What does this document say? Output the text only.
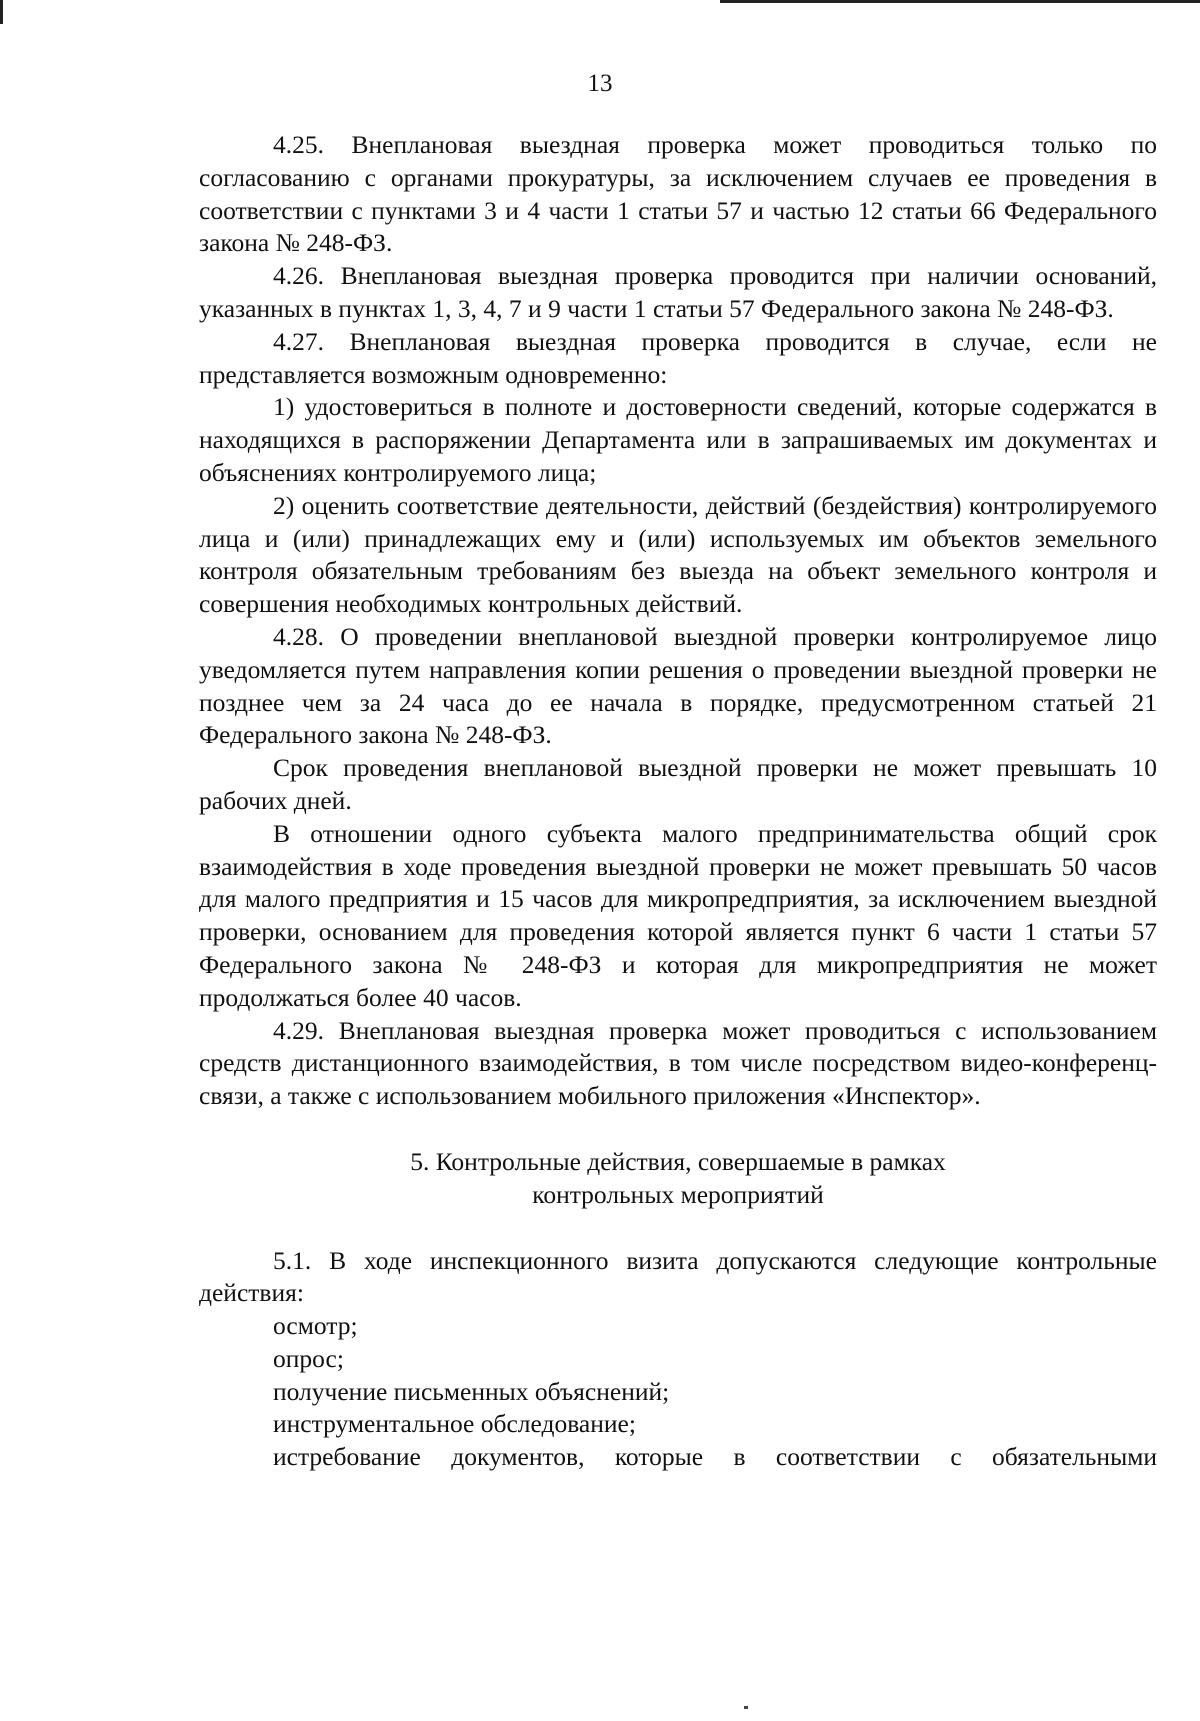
13

4.25. Внеплановая выездная проверка может проводиться только по согласованию с органами прокуратуры, за исключением случаев ее проведения в соответствии с пунктами 3 и 4 части 1 статьи 57 и частью 12 статьи 66 Федерального закона № 248-ФЗ.

4.26. Внеплановая выездная проверка проводится при наличии оснований, указанных в пунктах 1, 3, 4, 7 и 9 части 1 статьи 57 Федерального закона № 248-ФЗ.

4.27. Внеплановая выездная проверка проводится в случае, если не представляется возможным одновременно:

1) удостовериться в полноте и достоверности сведений, которые содержатся в находящихся в распоряжении Департамента или в запрашиваемых им документах и объяснениях контролируемого лица;

2) оценить соответствие деятельности, действий (бездействия) контролируемого лица и (или) принадлежащих ему и (или) используемых им объектов земельного контроля обязательным требованиям без выезда на объект земельного контроля и совершения необходимых контрольных действий.

4.28. О проведении внеплановой выездной проверки контролируемое лицо уведомляется путем направления копии решения о проведении выездной проверки не позднее чем за 24 часа до ее начала в порядке, предусмотренном статьей 21 Федерального закона № 248-ФЗ.

Срок проведения внеплановой выездной проверки не может превышать 10 рабочих дней.

В отношении одного субъекта малого предпринимательства общий срок взаимодействия в ходе проведения выездной проверки не может превышать 50 часов для малого предприятия и 15 часов для микропредприятия, за исключением выездной проверки, основанием для проведения которой является пункт 6 части 1 статьи 57 Федерального закона № 248-ФЗ и которая для микропредприятия не может продолжаться более 40 часов.

4.29. Внеплановая выездная проверка может проводиться с использованием средств дистанционного взаимодействия, в том числе посредством видео-конференц-связи, а также с использованием мобильного приложения «Инспектор».

5. Контрольные действия, совершаемые в рамках
контрольных мероприятий

5.1. В ходе инспекционного визита допускаются следующие контрольные действия:

осмотр;
опрос;
получение письменных объяснений;
инструментальное обследование;
истребование документов, которые в соответствии с обязательными
